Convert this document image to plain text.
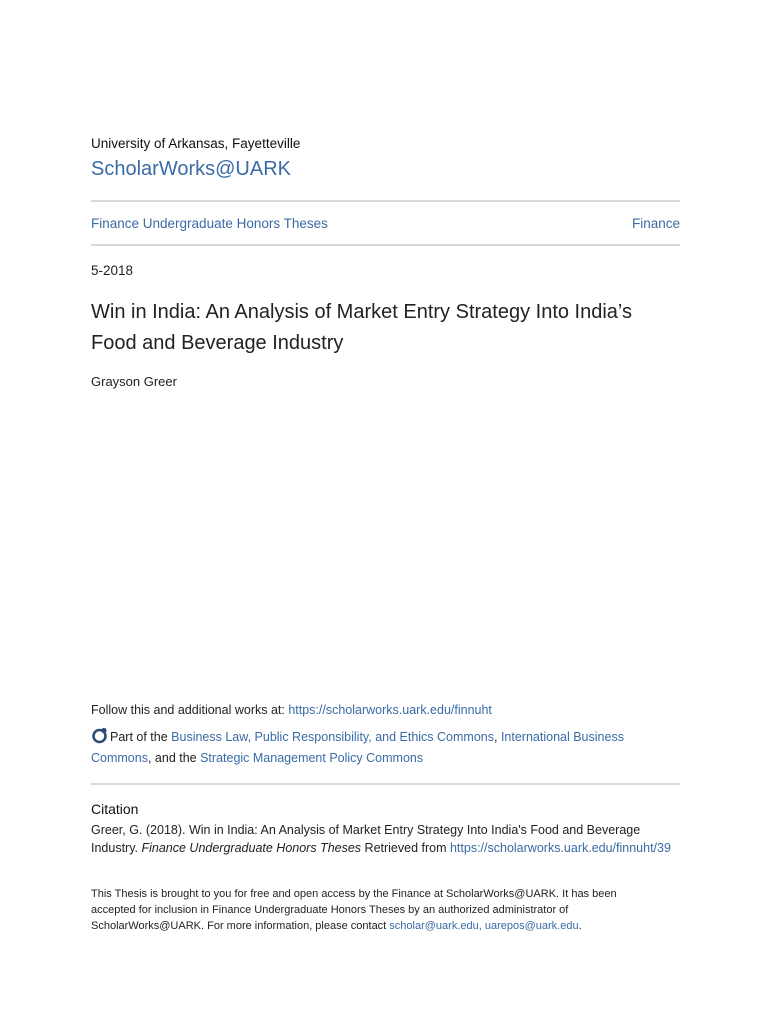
University of Arkansas, Fayetteville
ScholarWorks@UARK
Finance Undergraduate Honors Theses	Finance
5-2018
Win in India: An Analysis of Market Entry Strategy Into India’s
Food and Beverage Industry
Grayson Greer
Follow this and additional works at: https://scholarworks.uark.edu/finnuht
Part of the Business Law, Public Responsibility, and Ethics Commons, International Business Commons, and the Strategic Management Policy Commons
Citation
Greer, G. (2018). Win in India: An Analysis of Market Entry Strategy Into India's Food and Beverage Industry. Finance Undergraduate Honors Theses Retrieved from https://scholarworks.uark.edu/finnuht/39
This Thesis is brought to you for free and open access by the Finance at ScholarWorks@UARK. It has been accepted for inclusion in Finance Undergraduate Honors Theses by an authorized administrator of ScholarWorks@UARK. For more information, please contact scholar@uark.edu, uarepos@uark.edu.
